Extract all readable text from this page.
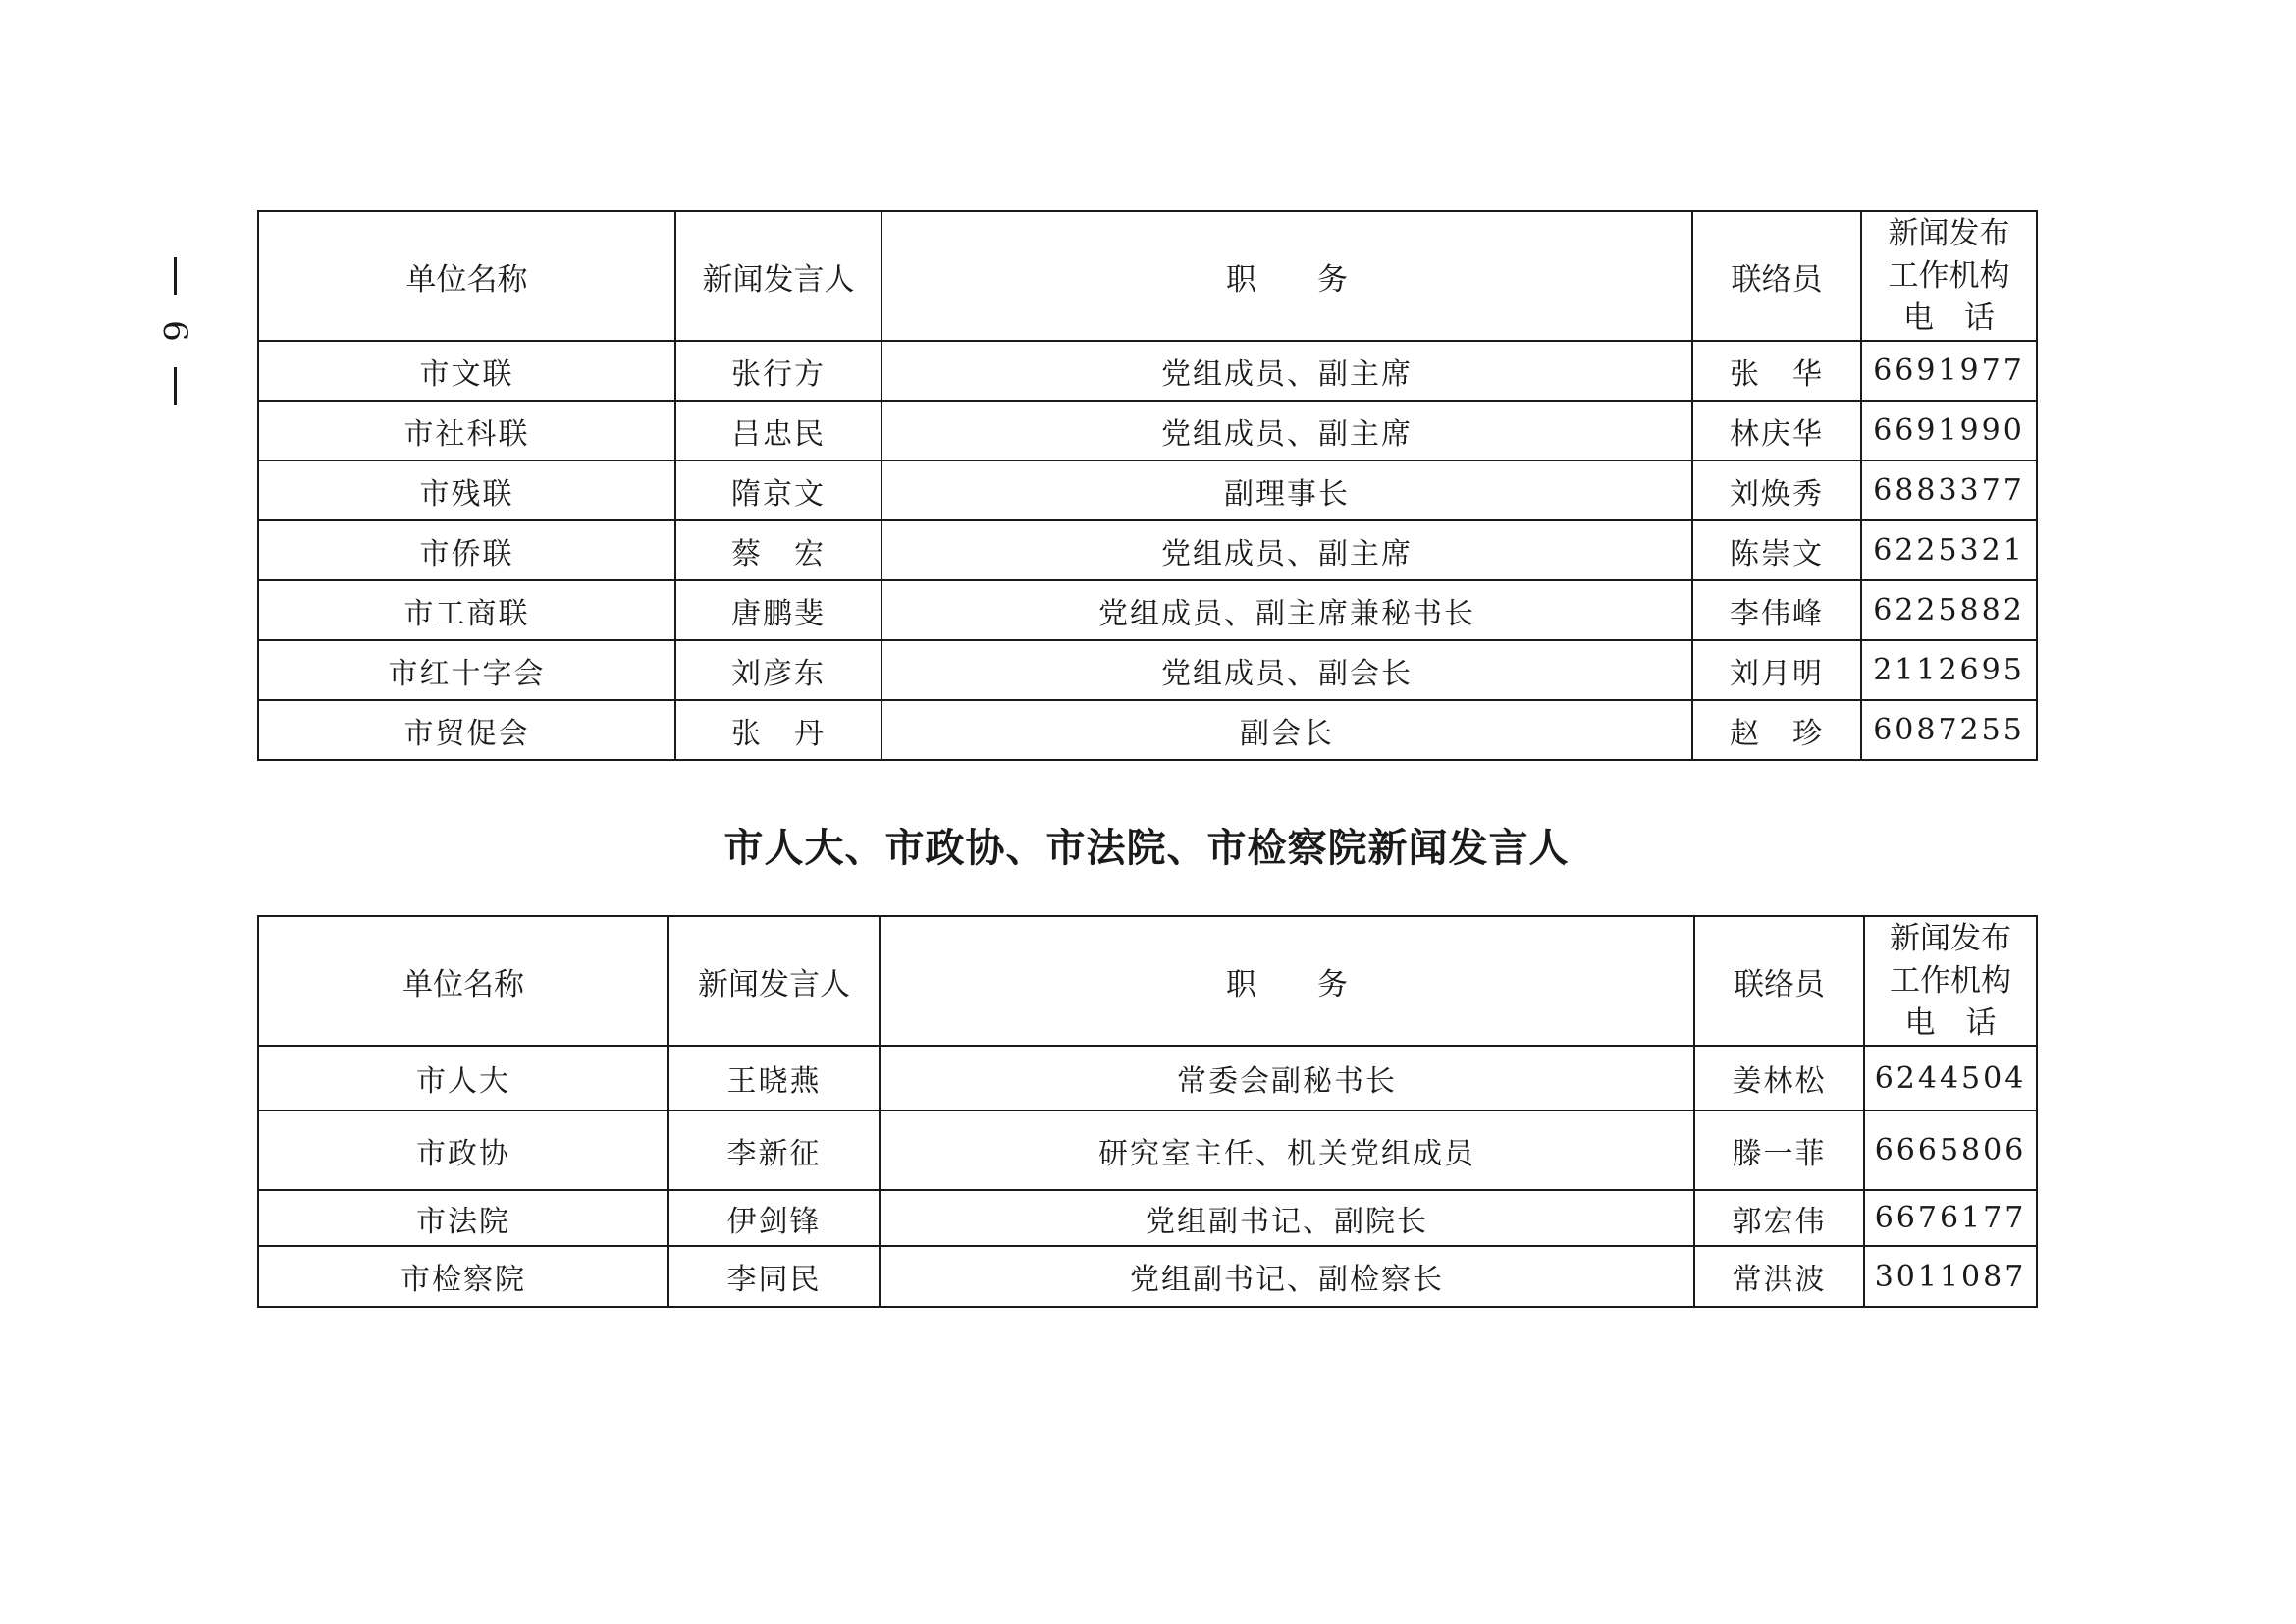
6
单位名称	新闻发言人	职　　务	联络员	新闻发布
工作机构
电　话

市文联	张行方	党组成员、副主席	张　华	6691977
市社科联	吕忠民	党组成员、副主席	林庆华	6691990
市残联	隋京文	副理事长	刘焕秀	6883377
市侨联	蔡　宏	党组成员、副主席	陈崇文	6225321
市工商联	唐鹏斐	党组成员、副主席兼秘书长	李伟峰	6225882
市红十字会	刘彦东	党组成员、副会长	刘月明	2112695
市贸促会	张　丹	副会长	赵　珍	6087255
市人大、市政协、市法院、市检察院新闻发言人
单位名称	新闻发言人	职　　务	联络员	新闻发布
工作机构
电　话

市人大	王晓燕	常委会副秘书长	姜林松	6244504
市政协	李新征	研究室主任、机关党组成员	滕一菲	6665806
市法院	伊剑锋	党组副书记、副院长	郭宏伟	6676177
市检察院	李同民	党组副书记、副检察长	常洪波	3011087
